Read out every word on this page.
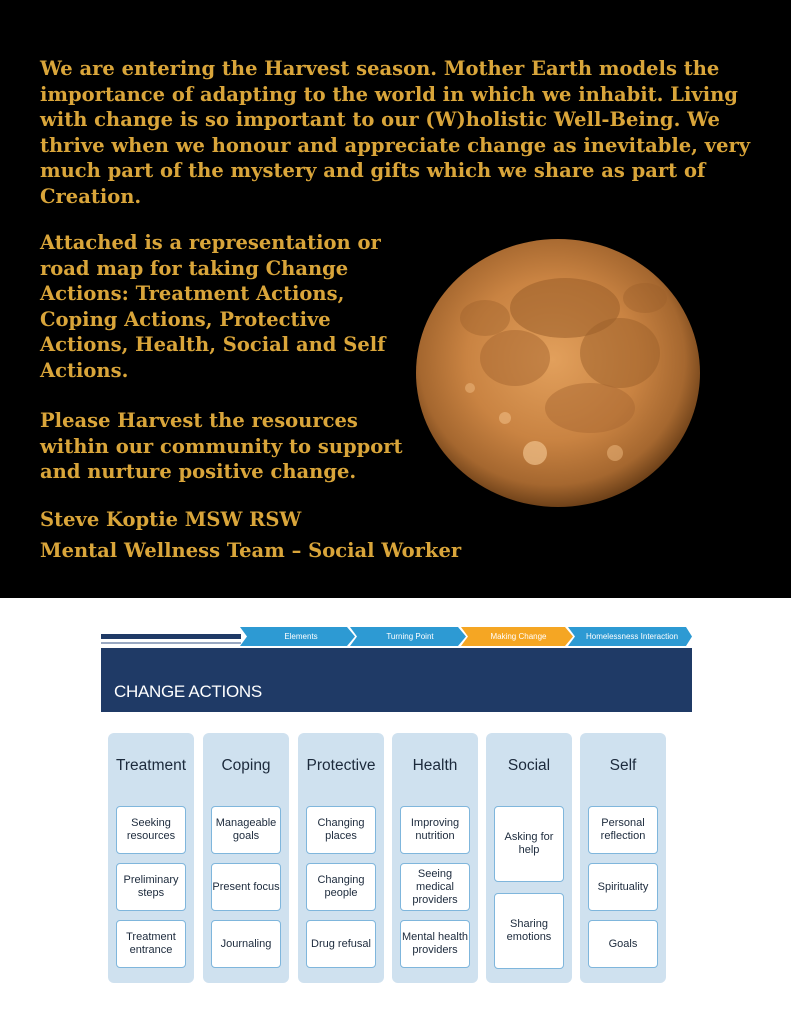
We are entering the Harvest season. Mother Earth models the importance of adapting to the world in which we inhabit. Living with change is so important to our (W)holistic Well-Being. We thrive when we honour and appreciate change as inevitable, very much part of the mystery and gifts which we share as part of Creation.

Attached is a representation or road map for taking Change Actions: Treatment Actions, Coping Actions, Protective Actions, Health, Social and Self Actions.

Please Harvest the resources within our community to support and nurture positive change.

Steve Koptie MSW RSW

Mental Wellness Team – Social Worker

Elements	Turning Point	Making Change	Homelessness Interaction
CHANGE ACTIONS
Treatment
Seeking resources
Preliminary steps
Treatment entrance
Coping
Manageable goals
Present focus
Journaling
Protective
Changing places
Changing people
Drug refusal
Health
Improving nutrition
Seeing medical providers
Mental health providers
Social
Asking for help
Sharing emotions
Self
Personal reflection
Spirituality
Goals
